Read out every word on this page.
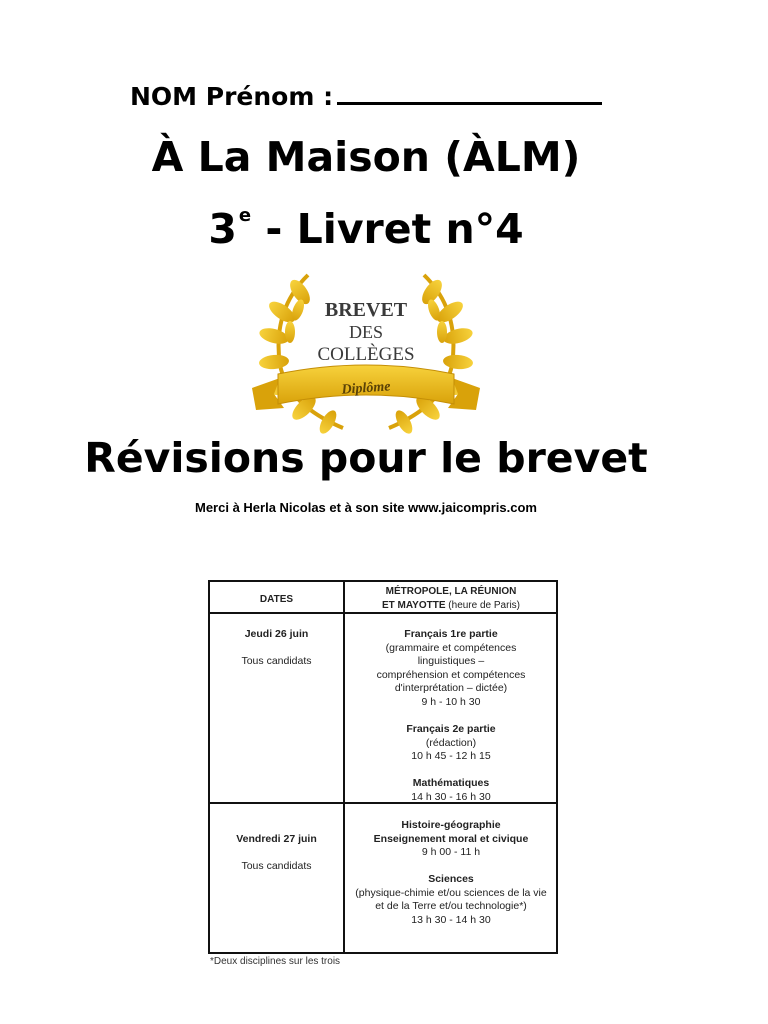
NOM Prénom :
À La Maison (ÀLM)
3 $^e$ - Livret n°4
BREVET
DES
COLLÈGES
Diplôme
Révisions pour le brevet
Merci à Herla Nicolas et à son site www.jaicompris.com
DATES
MÉTROPOLE, LA RÉUNION
ET MAYOTTE (heure de Paris)
Jeudi 26 juin
Tous candidats
Français 1re partie
(grammaire et compétences
linguistiques –
compréhension et compétences
d'interprétation – dictée)
9 h - 10 h 30
Français 2e partie
(rédaction)
10 h 45 - 12 h 15
Mathématiques
14 h 30 - 16 h 30
Vendredi 27 juin
Tous candidats
Histoire-géographie
Enseignement moral et civique
9 h 00 - 11 h
Sciences
(physique-chimie et/ou sciences de la vie
et de la Terre et/ou technologie*)
13 h 30 - 14 h 30
*Deux disciplines sur les trois
